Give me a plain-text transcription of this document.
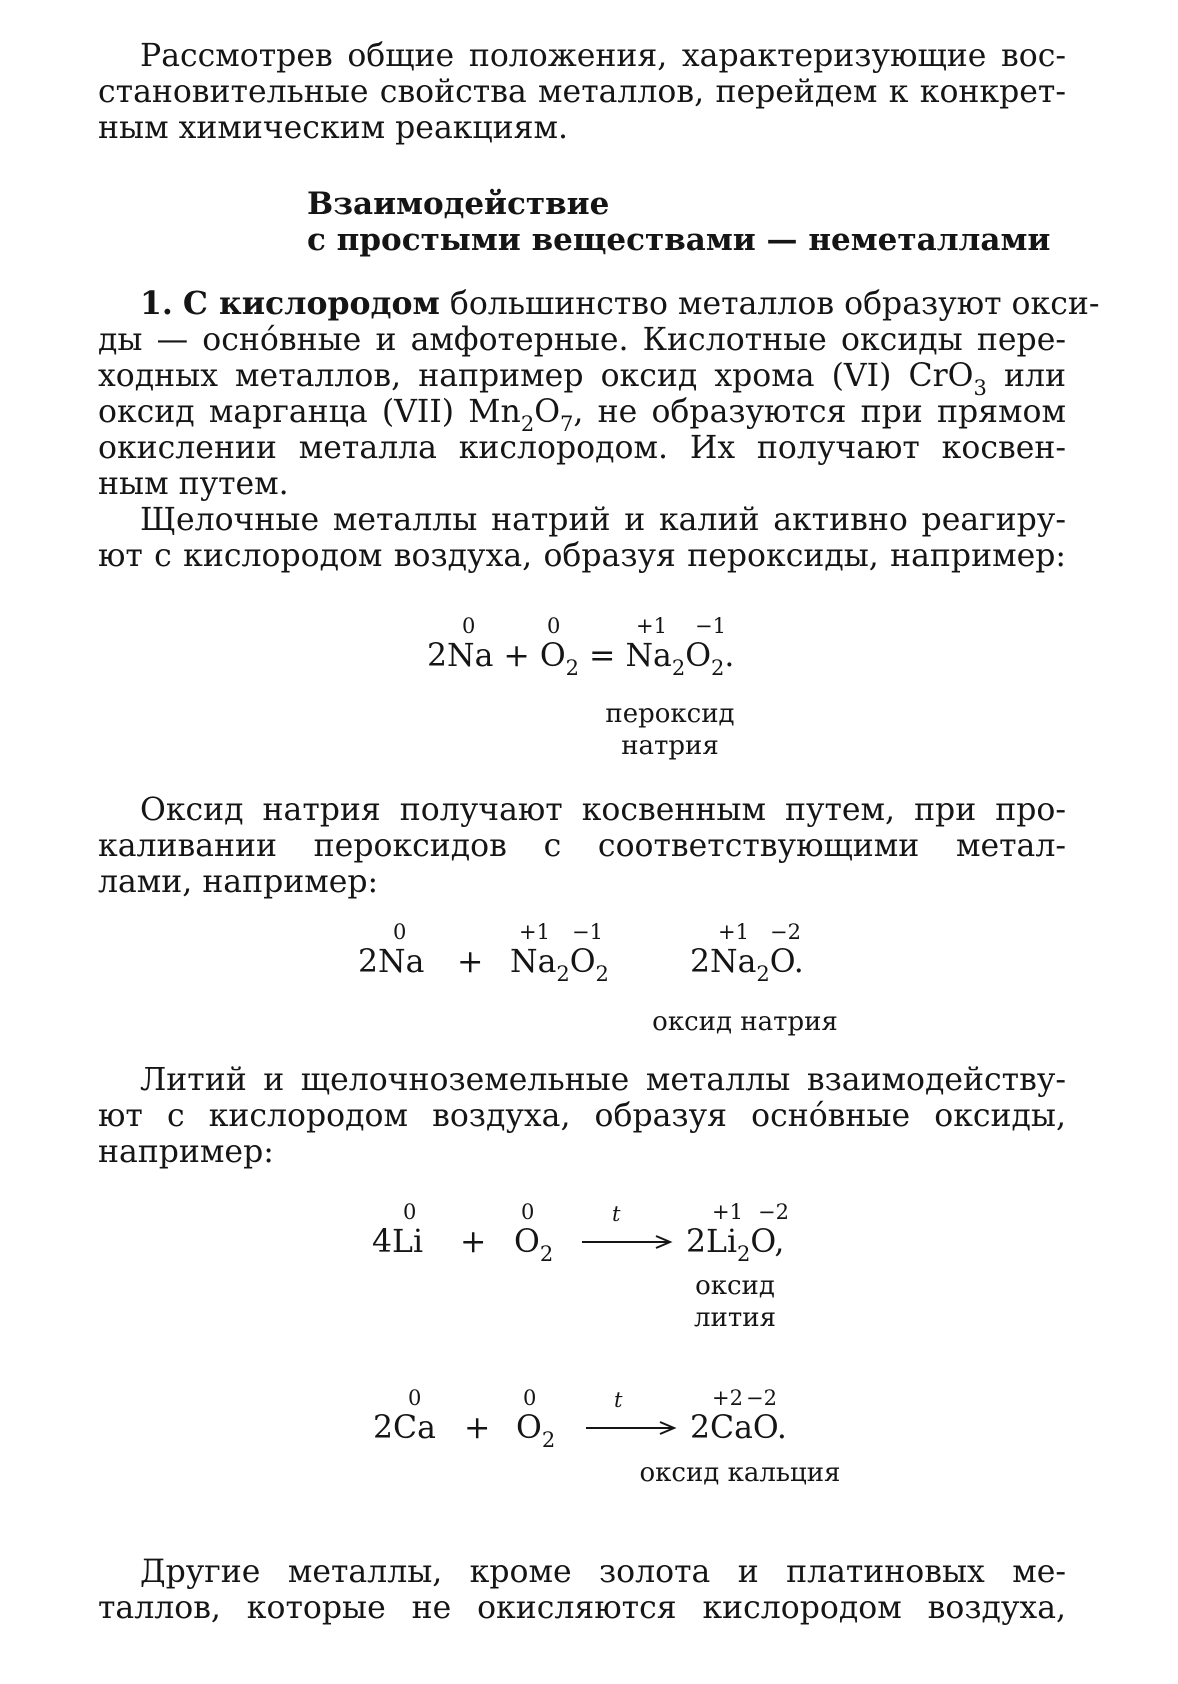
Рассмотрев общие положения, характеризующие вос-
становительные свойства металлов, перейдем к конкрет-
ным химическим реакциям.
Взаимодействие
с простыми веществами — неметаллами
1. С кислородом большинство металлов образуют окси-
ды — осно́вные и амфотерные. Кислотные оксиды пере-
ходных металлов, например оксид хрома (VI) CrO$_3$ или
оксид марганца (VII) $Mn_2O_7$, не образуются при прямом
окислении металла кислородом. Их получают косвен-
ным путем.
Щелочные металлы натрий и калий активно реагиру-
ют с кислородом воздуха, образуя пероксиды, например:
0	0	+1 −1
$2Na + O_2 = Na_2O_2$.
пероксид
натрия
Оксид натрия получают косвенным путем, при про-
каливании пероксидов с соответствующими метал-
лами, например:
0	+1 −1	+1 −2
$2Na + Na_2O_2$	$2Na_2O$.
оксид натрия
Литий и щелочноземельные металлы взаимодейству-
ют с кислородом воздуха, образуя осно́вные оксиды,
например:
0	0	+1 −2
$4Li + O_2$
t
$2Li_2O$,
оксид
лития
0	0	+2 −2
$2Ca + O_2$
t
2CaO.
оксид кальция
Другие металлы, кроме золота и платиновых ме-
таллов, которые не окисляются кислородом воздуха,
